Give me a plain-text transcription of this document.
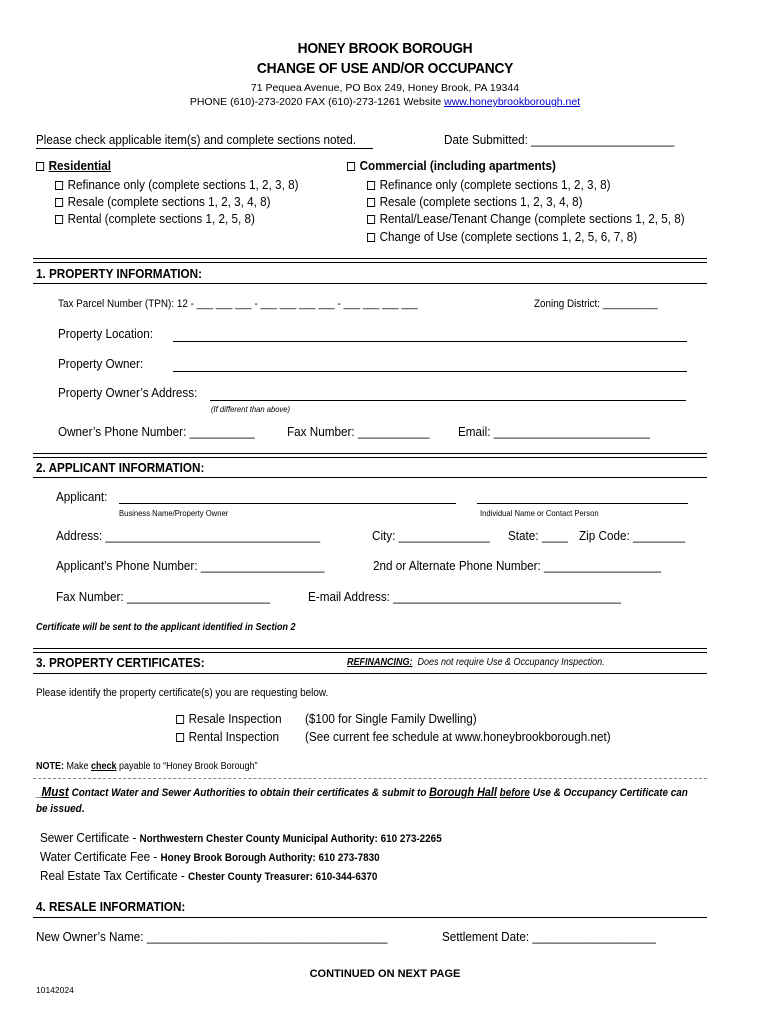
HONEY BROOK BOROUGH
CHANGE OF USE AND/OR OCCUPANCY
71 Pequea Avenue, PO Box 249, Honey Brook, PA 19344
PHONE (610)-273-2020 FAX (610)-273-1261 Website www.honeybrookborough.net
Please check applicable item(s) and complete sections noted.	Date Submitted: ______________________
Residential
Refinance only (complete sections 1, 2, 3, 8)
Resale (complete sections 1, 2, 3, 4, 8)
Rental (complete sections 1, 2, 5, 8)
Commercial (including apartments)
Refinance only (complete sections 1, 2, 3, 8)
Resale (complete sections 1, 2, 3, 4, 8)
Rental/Lease/Tenant Change (complete sections 1, 2, 5, 8)
Change of Use (complete sections 1, 2, 5, 6, 7, 8)
1. PROPERTY INFORMATION:
Tax Parcel Number (TPN): 12 - ___ ___ ___ - ___ ___ ___ ___ - ___ ___ ___ ___	Zoning District: __________
Property Location:
Property Owner:
Property Owner’s Address:
(If different than above)
Owner’s Phone Number: __________ Fax Number: ___________ Email: ________________________
2. APPLICANT INFORMATION:
Applicant:
Business Name/Property Owner	Individual Name or Contact Person
Address: _________________________________	City: ______________ State: ____ Zip Code: ________
Applicant’s Phone Number: ___________________	2nd or Alternate Phone Number: __________________
Fax Number: ______________________	E-mail Address: ___________________________________
Certificate will be sent to the applicant identified in Section 2
3. PROPERTY CERTIFICATES:	REFINANCING: Does not require Use & Occupancy Inspection.
Please identify the property certificate(s) you are requesting below.
Resale Inspection ($100 for Single Family Dwelling)
Rental Inspection (See current fee schedule at www.honeybrookborough.net)
NOTE: Make check payable to “Honey Brook Borough”
_Must Contact Water and Sewer Authorities to obtain their certificates & submit to Borough Hall before Use & Occupancy Certificate can
be issued.
Sewer Certificate - Northwestern Chester County Municipal Authority: 610 273-2265
Water Certificate Fee - Honey Brook Borough Authority: 610 273-7830
Real Estate Tax Certificate - Chester County Treasurer: 610-344-6370
4. RESALE INFORMATION:
New Owner’s Name: _____________________________________	Settlement Date: ___________________
CONTINUED ON NEXT PAGE
10142024
